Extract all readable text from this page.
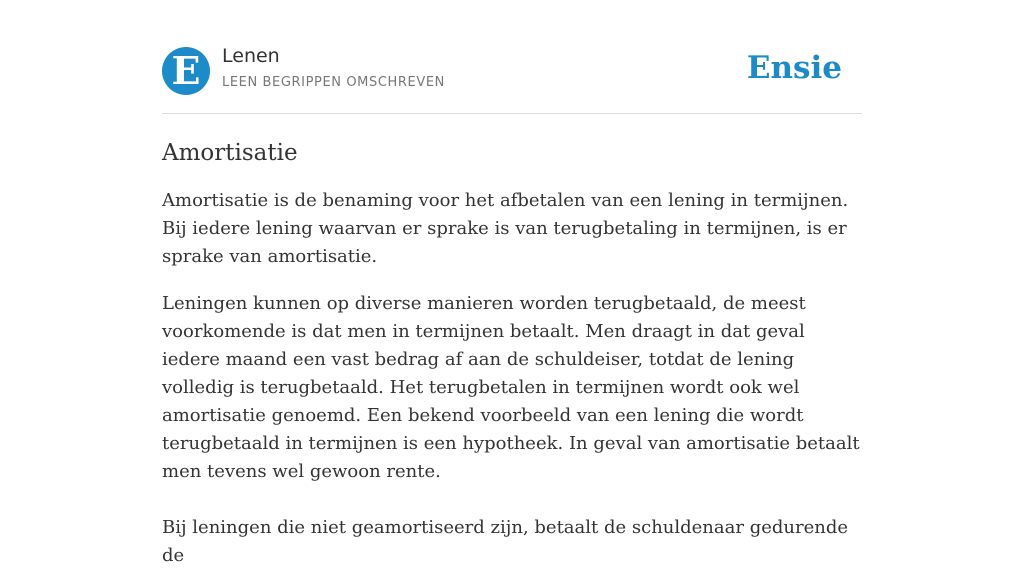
E	Lenen
LEEN BEGRIPPEN OMSCHREVEN	Ensie
Amortisatie

Amortisatie is de benaming voor het afbetalen van een lening in termijnen. Bij iedere lening waarvan er sprake is van terugbetaling in termijnen, is er sprake van amortisatie.

Leningen kunnen op diverse manieren worden terugbetaald, de meest voorkomende is dat men in termijnen betaalt. Men draagt in dat geval iedere maand een vast bedrag af aan de schuldeiser, totdat de lening volledig is terugbetaald. Het terugbetalen in termijnen wordt ook wel amortisatie genoemd. Een bekend voorbeeld van een lening die wordt terugbetaald in termijnen is een hypotheek. In geval van amortisatie betaalt men tevens wel gewoon rente.

Bij leningen die niet geamortiseerd zijn, betaalt de schuldenaar gedurende de
